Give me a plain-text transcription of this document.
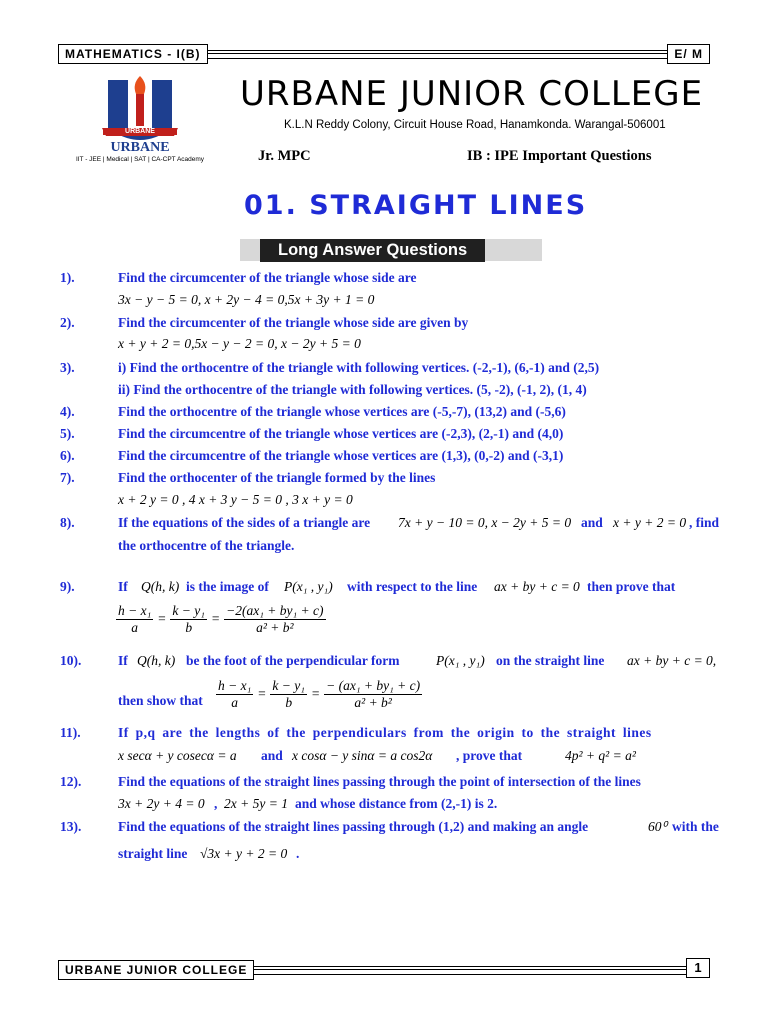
MATHEMATICS - I(B)	E/ M
URBANE
URBANE
IIT - JEE | Medical | SAT | CA-CPT Academy
URBANE JUNIOR COLLEGE
K.L.N Reddy Colony, Circuit House Road, Hanamkonda. Warangal-506001
Jr. MPC	IB : IPE Important Questions
01. STRAIGHT LINES
Long Answer Questions
1).	Find the circumcenter of the triangle whose side are
3x − y − 5 = 0, x + 2y − 4 = 0,5x + 3y + 1 = 0
2).	Find the circumcenter of the triangle whose side are given by
x + y + 2 = 0,5x − y − 2 = 0, x − 2y + 5 = 0
3).	i) Find the orthocentre of the triangle with following vertices. (-2,-1), (6,-1) and (2,5)
ii) Find the orthocentre of the triangle with following vertices. (5, -2), (-1, 2), (1, 4)
4).	Find the orthocentre of the triangle whose vertices are (-5,-7), (13,2) and (-5,6)
5).	Find the circumcentre of the triangle whose vertices are (-2,3), (2,-1) and (4,0)
6).	Find the circumcentre of the triangle whose vertices are (1,3), (0,-2) and (-3,1)
7).	Find the orthocenter of the triangle formed by the lines
x + 2 y = 0 , 4 x + 3 y − 5 = 0 , 3 x + y = 0
8).	If the equations of the sides of a triangle are 7x + y − 10 = 0, x − 2y + 5 = 0 and x + y + 2 = 0 , find
the orthocentre of the triangle.
9).	If Q(h, k) is the image of P(x₁ , y₁) with respect to the line ax + by + c = 0 then prove that
$\frac{\text{h − x₁}}{a} = \frac{\text{k − y₁}}{b} = \frac{\text{−2(ax₁ + by₁ + c)}}{\text{a² + b²}}$
10).	If Q(h, k) be the foot of the perpendicular form	P(x₁ , y₁) on the straight line ax + by + c = 0,
then show that $\frac{\text{h − x₁}}{a} = \frac{\text{k − y₁}}{b} = \frac{\text{− (ax₁ + by₁ + c)}}{\text{a² + b²}}$
11).	If p,q are the lengths of the perpendiculars from the origin to the straight lines
x secα + y cosecα = a and x cosα − y sinα = a cos2α , prove that	4p² + q² = a²
12).	Find the equations of the straight lines passing through the point of intersection of the lines
3x + 2y + 4 = 0 , 2x + 5y = 1 and whose distance from (2,-1) is 2.
13).	Find the equations of the straight lines passing through (1,2) and making an angle	60⁰ with the
straight line √3x + y + 2 = 0 .
URBANE JUNIOR COLLEGE	1
